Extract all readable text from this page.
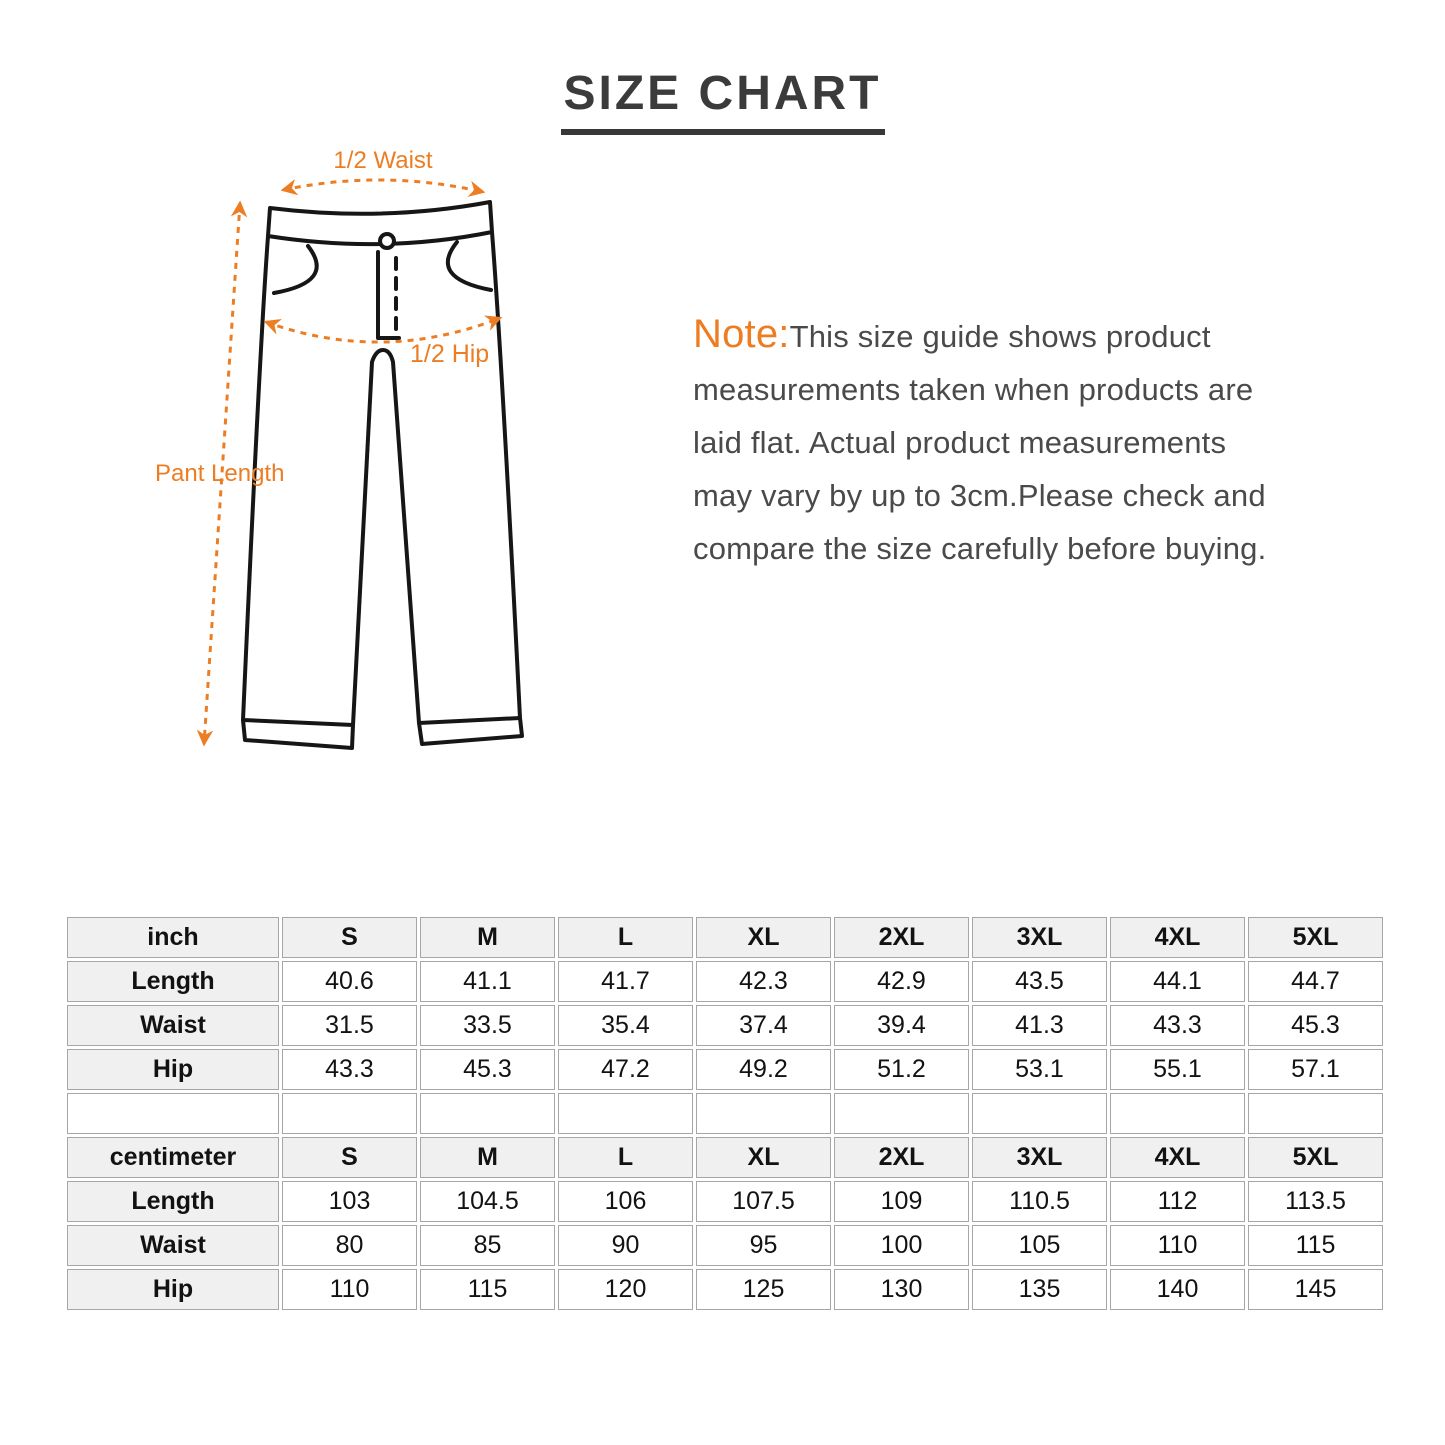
SIZE CHART
1/2 Waist
1/2 Hip
Pant Length
Note:This size guide shows product
measurements taken when products are
laid flat. Actual product measurements
may vary by up to 3cm.Please check and
compare the size carefully before buying.
inch	S	M	L	XL	2XL	3XL	4XL	5XL
Length	40.6	41.1	41.7	42.3	42.9	43.5	44.1	44.7
Waist	31.5	33.5	35.4	37.4	39.4	41.3	43.3	45.3
Hip	43.3	45.3	47.2	49.2	51.2	53.1	55.1	57.1

centimeter	S	M	L	XL	2XL	3XL	4XL	5XL
Length	103	104.5	106	107.5	109	110.5	112	113.5
Waist	80	85	90	95	100	105	110	115
Hip	110	115	120	125	130	135	140	145
